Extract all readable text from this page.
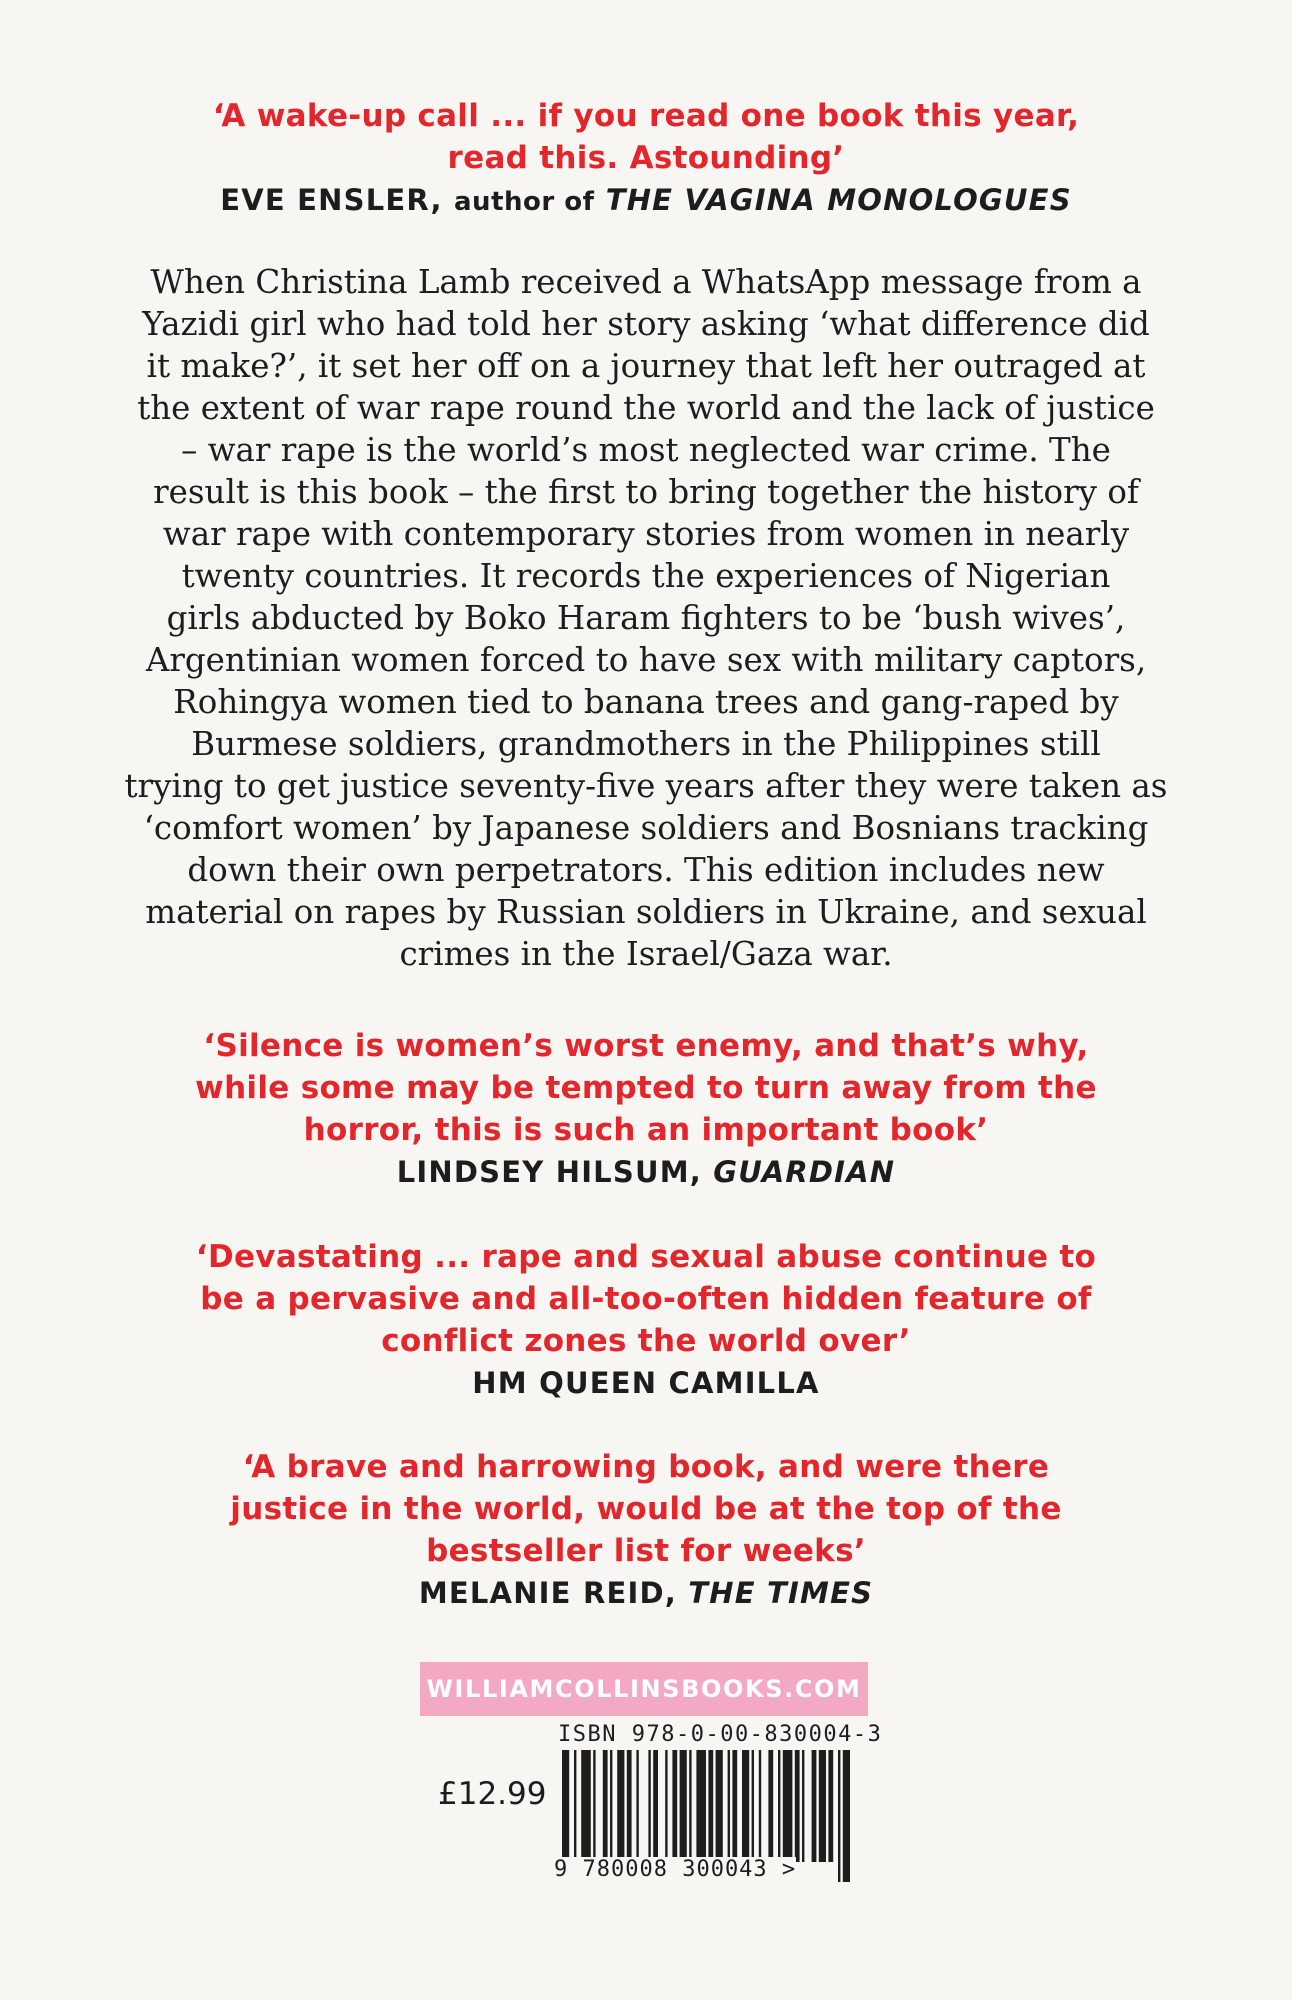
‘A wake-up call ... if you read one book this year,

read this. Astounding’

EVE ENSLER, author of THE VAGINA MONOLOGUES

When Christina Lamb received a WhatsApp message from a
Yazidi girl who had told her story asking ‘what difference did
it make?’, it set her off on a journey that left her outraged at
the extent of war rape round the world and the lack of justice
– war rape is the world’s most neglected war crime. The
result is this book – the first to bring together the history of
war rape with contemporary stories from women in nearly
twenty countries. It records the experiences of Nigerian
girls abducted by Boko Haram fighters to be ‘bush wives’,
Argentinian women forced to have sex with military captors,
Rohingya women tied to banana trees and gang-raped by
Burmese soldiers, grandmothers in the Philippines still
trying to get justice seventy-five years after they were taken as
‘comfort women’ by Japanese soldiers and Bosnians tracking
down their own perpetrators. This edition includes new
material on rapes by Russian soldiers in Ukraine, and sexual
crimes in the Israel/Gaza war.

‘Silence is women’s worst enemy, and that’s why,

while some may be tempted to turn away from the

horror, this is such an important book’

LINDSEY HILSUM, GUARDIAN

‘Devastating ... rape and sexual abuse continue to

be a pervasive and all-too-often hidden feature of

conflict zones the world over’

HM QUEEN CAMILLA

‘A brave and harrowing book, and were there

justice in the world, would be at the top of the

bestseller list for weeks’

MELANIE REID, THE TIMES

WILLIAMCOLLINSBOOKS.COM
ISBN 978-0-00-830004-3
£12.99
9 780008 300043 >
